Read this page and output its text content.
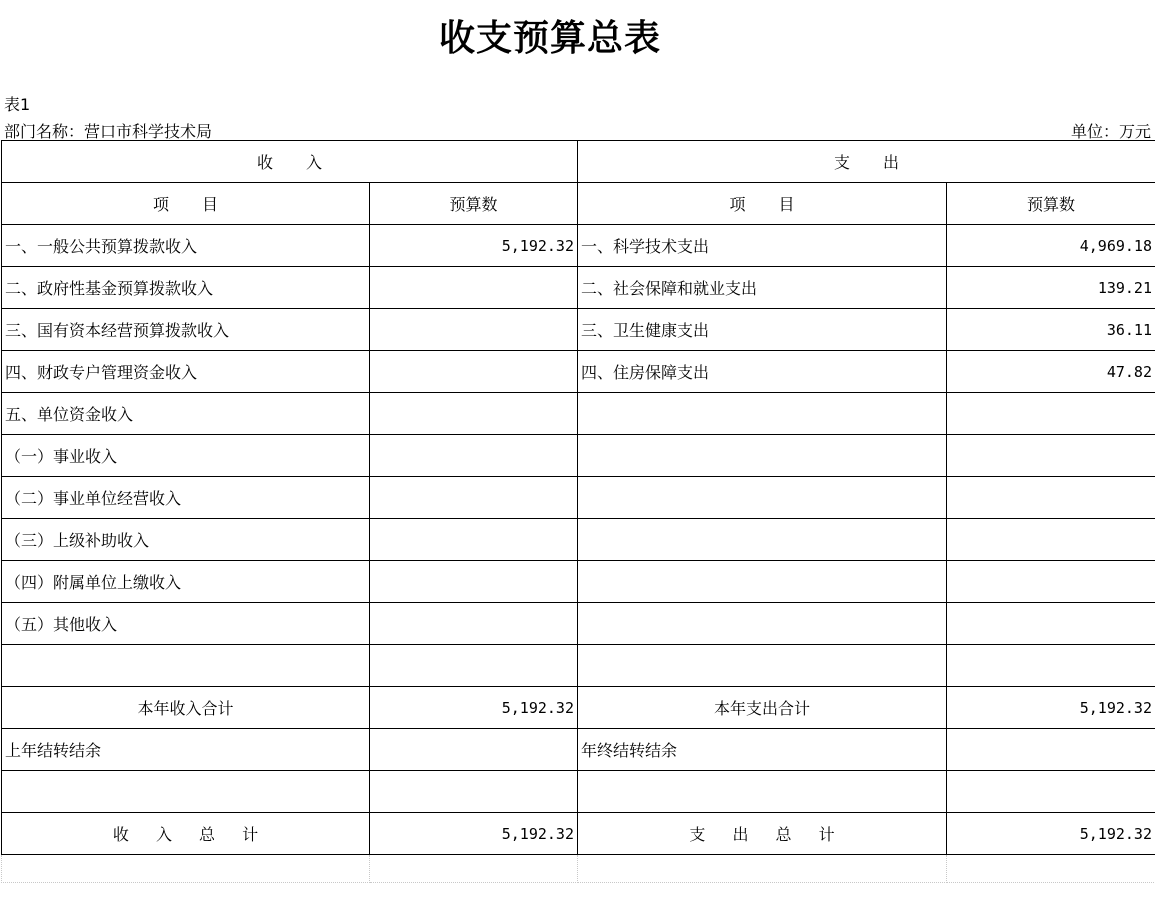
收支预算总表
表1
部门名称：营口市科学技术局	单位：万元
收 入		支 出	
项 目	预算数	项 目	预算数
一、一般公共预算拨款收入	5,192.32	一、科学技术支出	4,969.18
二、政府性基金预算拨款收入		二、社会保障和就业支出	139.21
三、国有资本经营预算拨款收入		三、卫生健康支出	36.11
四、财政专户管理资金收入		四、住房保障支出	47.82
五、单位资金收入			
（一）事业收入			
（二）事业单位经营收入			
（三）上级补助收入			
（四）附属单位上缴收入			
（五）其他收入			

本年收入合计	5,192.32	本年支出合计	5,192.32
上年结转结余		年终结转结余	

收 入 总 计	5,192.32	支 出 总 计	5,192.32
